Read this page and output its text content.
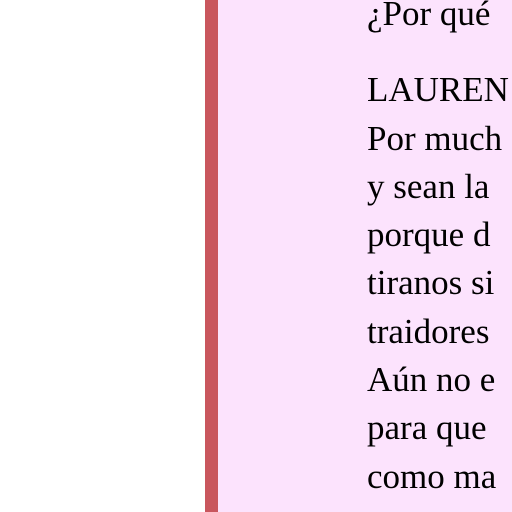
¿Por qué
LAUREN
Por much
y sean la
porque d
tiranos si
traidores
Aún no e
para que
como ma
